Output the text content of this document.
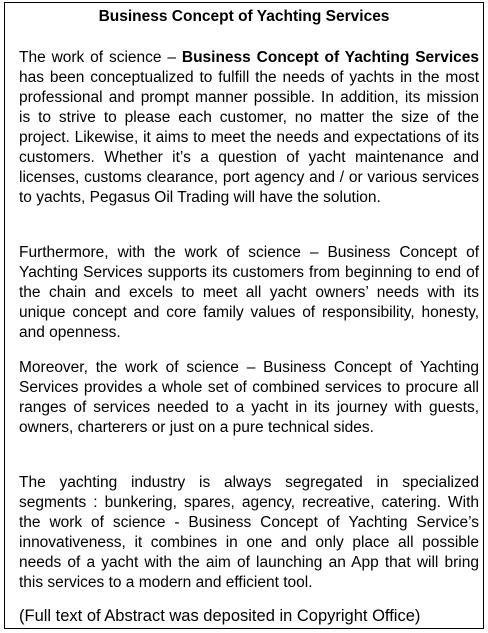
Business Concept of Yachting Services

The work of science – Business Concept of Yachting Services has been conceptualized to fulfill the needs of yachts in the most professional and prompt manner possible. In addition, its mission is to strive to please each customer, no matter the size of the project. Likewise, it aims to meet the needs and expectations of its customers. Whether it’s a question of yacht maintenance and licenses, customs clearance, port agency and / or various services to yachts, Pegasus Oil Trading will have the solution.

Furthermore, with the work of science – Business Concept of Yachting Services supports its customers from beginning to end of the chain and excels to meet all yacht owners’ needs with its unique concept and core family values of responsibility, honesty, and openness.

Moreover, the work of science – Business Concept of Yachting Services provides a whole set of combined services to procure all ranges of services needed to a yacht in its journey with guests, owners, charterers or just on a pure technical sides.

The yachting industry is always segregated in specialized segments : bunkering, spares, agency, recreative, catering. With the work of science - Business Concept of Yachting Service’s innovativeness, it combines in one and only place all possible needs of a yacht with the aim of launching an App that will bring this services to a modern and efficient tool.

(Full text of Abstract was deposited in Copyright Office)
